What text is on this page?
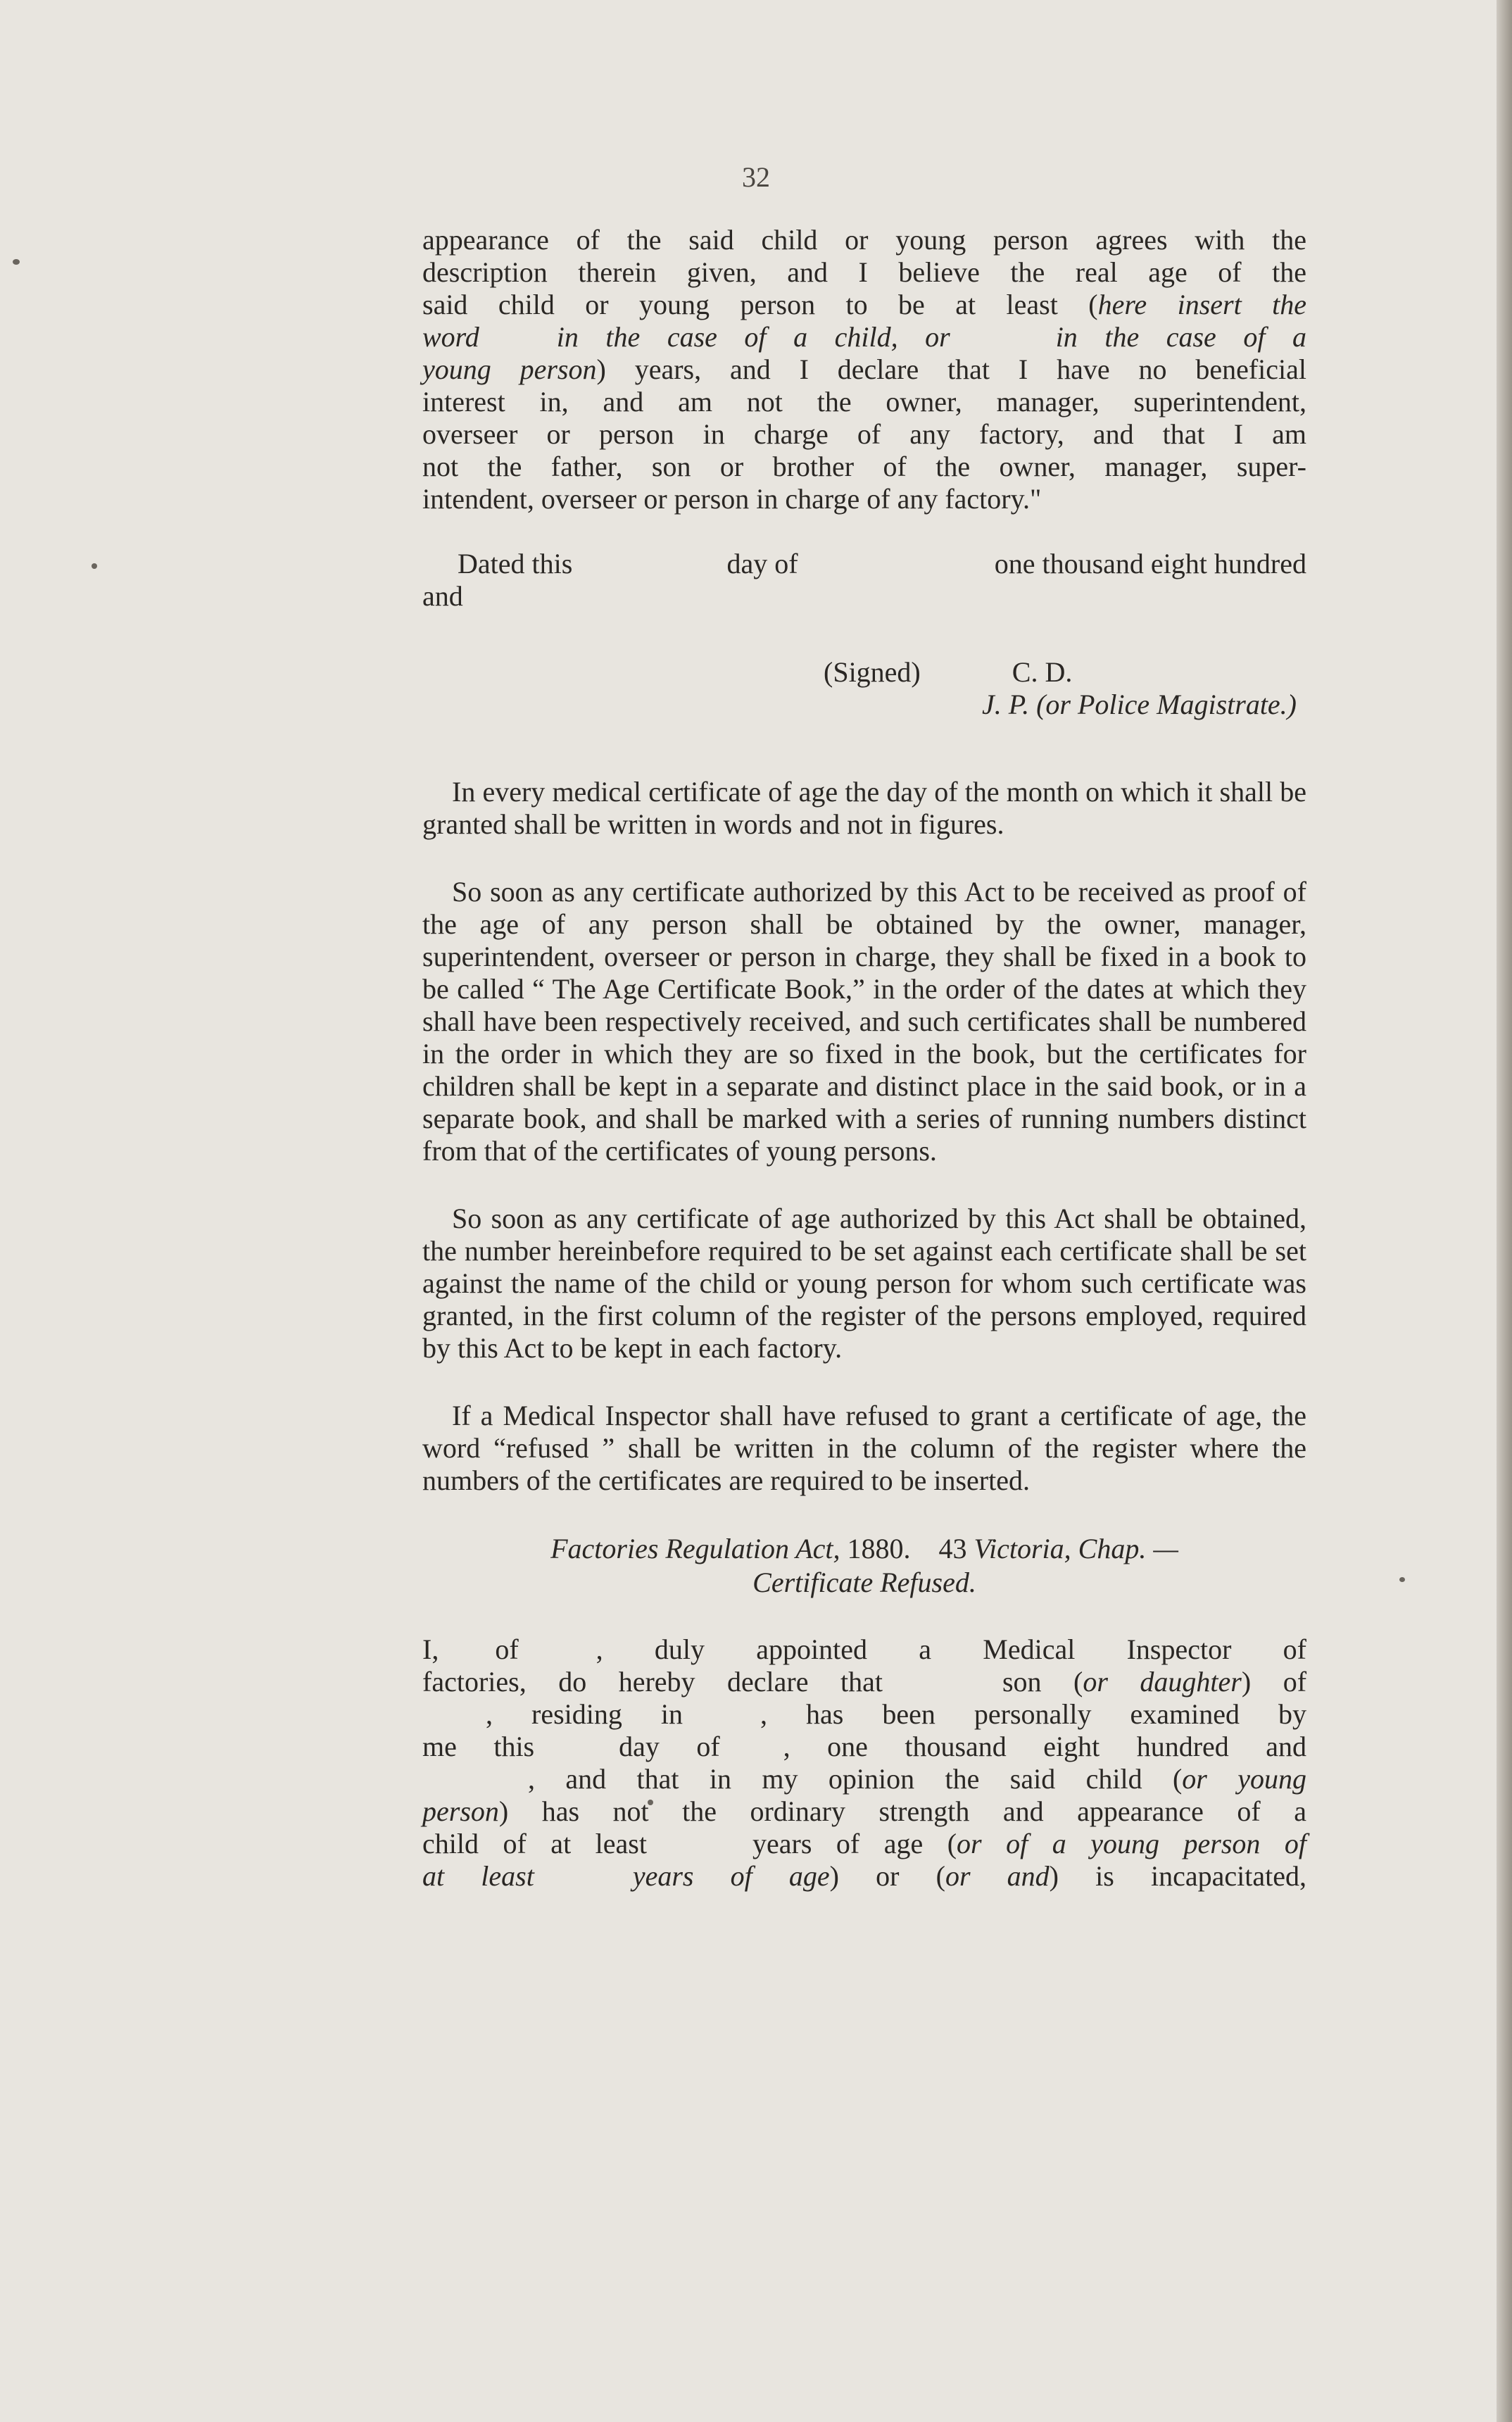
32
appearance of the said child or young person agrees with the
description therein given, and I believe the real age of the
said child or young person to be at least (here insert the
word	in the case of a child, or	in the case of a
young person) years, and I declare that I have no beneficial
interest in, and am not the owner, manager, superintendent,
overseer or person in charge of any factory, and that I am
not the father, son or brother of the owner, manager, super-
intendent, overseer or person in charge of any factory."
Dated this	day of	one thousand eight hundred
and
(Signed)	C. D.
J. P. (or Police Magistrate.)

In every medical certificate of age the day of the month on which it shall be granted shall be written in words and not in figures.

So soon as any certificate authorized by this Act to be received as proof of the age of any person shall be obtained by the owner, manager, superintendent, overseer or person in charge, they shall be fixed in a book to be called “ The Age Certificate Book,” in the order of the dates at which they shall have been respectively received, and such certificates shall be numbered in the order in which they are so fixed in the book, but the certificates for children shall be kept in a separate and distinct place in the said book, or in a separate book, and shall be marked with a series of running numbers distinct from that of the certificates of young persons.

So soon as any certificate of age authorized by this Act shall be obtained, the number hereinbefore required to be set against each certificate shall be set against the name of the child or young person for whom such certificate was granted, in the first column of the register of the persons employed, required by this Act to be kept in each factory.

If a Medical Inspector shall have refused to grant a certificate of age, the word “refused ” shall be written in the column of the register where the numbers of the certificates are required to be inserted.

Factories Regulation Act, 1880. 43 Victoria, Chap. —
Certificate Refused.
I, of	, duly appointed a Medical Inspector of
factories, do hereby declare that	son (or daughter) of
, residing in	, has been personally examined by
me this	day of , one thousand eight hundred and
, and that in my opinion the said child (or young
person) has not the ordinary strength and appearance of a
child of at least	years of age (or of a young person of
at least	years of age) or (or and) is incapacitated,
